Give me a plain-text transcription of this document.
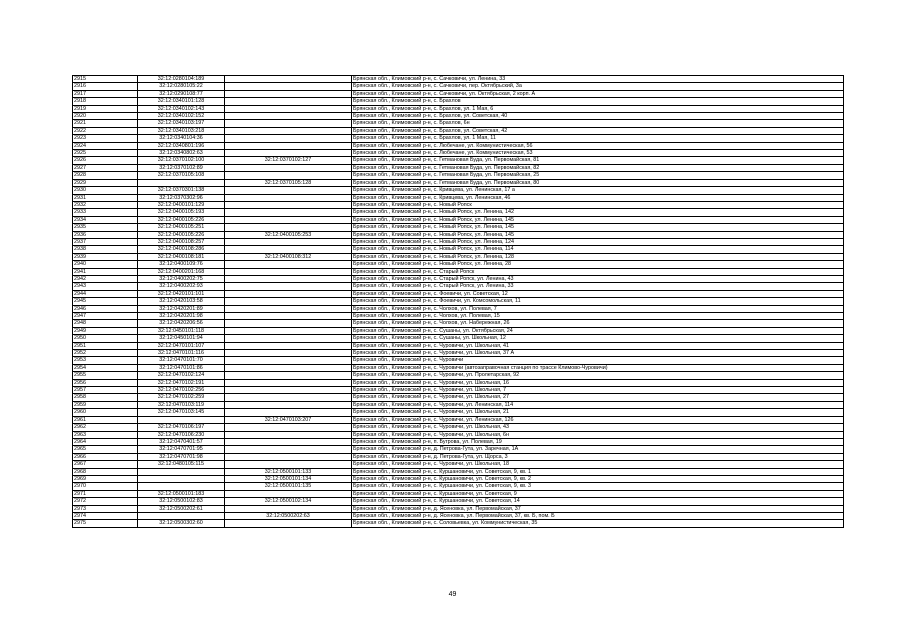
2915	32:12:0280104:189		Брянская обл., Климовский р-н, с. Сачковичи, ул. Ленина, 33
2916	32:12:0280105:22		Брянская обл., Климовский р-н, с. Сачковичи, пер. Октябрьский, 3а
2917	32:12:0290108:77		Брянская обл., Климовский р-н, с. Сачковичи, ул. Октябрьская, 2 корп. А
2918	32:12:0340101:128		Брянская обл., Климовский р-н, с. Брахлов
2919	32:12:0340102:143		Брянская обл., Климовский р-н, с. Брахлов, ул. 1 Мая, 6
2920	32:12:0340102:152		Брянская обл., Климовский р-н, с. Брахлов, ул. Советская, 40
2921	32:12:0340103:197		Брянская обл., Климовский р-н, с. Брахлов, 6н
2922	32:12:0340103:218		Брянская обл., Климовский р-н, с. Брахлов, ул. Советская, 42
2923	32:12:0340104:36		Брянская обл., Климовский р-н, с. Брахлов, ул. 1 Мая, 11
2924	32:12:0340801:196		Брянская обл., Климовский р-н, с. Любечане, ул. Коммунистическая, 56
2925	32:12:0340802:63		Брянская обл., Климовский р-н, с. Любечане, ул. Коммунистическая, 53
2926	32:12:0370102:100	32:12:0370102:127	Брянская обл., Климовский р-н, с. Гетмановая Буда, ул. Первомайская, 81
2927	32:12:0370102:89		Брянская обл., Климовский р-н, с. Гетмановая Буда, ул. Первомайская, 82
2928	32:12:0370105:108		Брянская обл., Климовский р-н, с. Гетмановая Буда, ул. Первомайская, 25
2929		32:12:0370105:128	Брянская обл., Климовский р-н, с. Гетмановая Буда, ул. Первомайская, 80
2930	32:12:0370301:138		Брянская обл., Климовский р-н, с. Кривцева, ул. Ленинская, 17 а
2931	32:12:0370302:96		Брянская обл., Климовский р-н, с. Кривцева, ул. Ленинская, 46
2932	32:12:0400101:129		Брянская обл., Климовский р-н, с. Новый Ропск
2933	32:12:0400105:193		Брянская обл., Климовский р-н, с. Новый Ропск, ул. Ленина, 142
2934	32:12:0400105:226		Брянская обл., Климовский р-н, с. Новый Ропск, ул. Ленина, 145
2935	32:12:0400105:251		Брянская обл., Климовский р-н, с. Новый Ропск, ул. Ленина, 145
2936	32:12:0400105:226	32:12:0400105:253	Брянская обл., Климовский р-н, с. Новый Ропск, ул. Ленина, 145
2937	32:12:0400108:257		Брянская обл., Климовский р-н, с. Новый Ропск, ул. Ленина, 124
2938	32:12:0400108:286		Брянская обл., Климовский р-н, с. Новый Ропск, ул. Ленина, 114
2939	32:12:0400108:181	32:12:0400108:312	Брянская обл., Климовский р-н, с. Новый Ропск, ул. Ленина, 128
2940	32:12:0400109:76		Брянская обл., Климовский р-н, с. Новый Ропск, ул. Ленина, 28
2941	32:12:0400201:168		Брянская обл., Климовский р-н, с. Старый Ропск
2942	32:12:0400202:75		Брянская обл., Климовский р-н, с. Старый Ропск, ул. Ленина, 43
2943	32:12:0400202:93		Брянская обл., Климовский р-н, с. Старый Ропск, ул. Ленина, 33
2944	32:12:0420101:101		Брянская обл., Климовский р-н, с. Фоевичи, ул. Советская, 12
2945	32:12:0420103:58		Брянская обл., Климовский р-н, с. Фоевичи, ул. Комсомольская, 11
2946	32:12:0420201:89		Брянская обл., Климовский р-н, с. Чолхов, ул. Полевая, 7
2947	32:12:0420201:98		Брянская обл., Климовский р-н, с. Чолхов, ул. Полевая, 15
2948	32:12:0420206:56		Брянская обл., Климовский р-н, с. Чолхов, ул. Набережная, 26
2949	32:12:0450101:118		Брянская обл., Климовский р-н, с. Сушаны, ул. Октябрьская, 24
2950	32:12:0450101:94		Брянская обл., Климовский р-н, с. Сушаны, ул. Школьная, 12
2951	32:12:0470101:107		Брянская обл., Климовский р-н, с. Чуровичи, ул. Школьная, 41
2952	32:12:0470101:116		Брянская обл., Климовский р-н, с. Чуровичи, ул. Школьная, 37 А
2953	32:12:0470101:70		Брянская обл., Климовский р-н, с. Чуровичи
2954	32:12:0470101:86		Брянская обл., Климовский р-н, с. Чуровичи (автозаправочная станция по трассе Климово-Чуровичи)
2955	32:12:0470102:124		Брянская обл., Климовский р-н, с. Чуровичи, ул. Пролетарская, 92
2956	32:12:0470102:191		Брянская обл., Климовский р-н, с. Чуровичи, ул. Школьная, 16
2957	32:12:0470102:256		Брянская обл., Климовский р-н, с. Чуровичи, ул. Школьная, 7
2958	32:12:0470102:259		Брянская обл., Климовский р-н, с. Чуровичи, ул. Школьная, 27
2959	32:12:0470103:119		Брянская обл., Климовский р-н, с. Чуровичи, ул. Ленинская, 114
2960	32:12:0470103:145		Брянская обл., Климовский р-н, с. Чуровичи, ул. Школьная, 21
2961		32:12:0470103:207	Брянская обл., Климовский р-н, с. Чуровичи, ул. Ленинская, 126
2962	32:12:0470106:197		Брянская обл., Климовский р-н, с. Чуровичи, ул. Школьная, 43
2963	32:12:0470106:230		Брянская обл., Климовский р-н, с. Чуровичи, ул. Школьная, 6н
2964	32:12:0470401:57		Брянская обл., Климовский р-н, п. Бугрова, ул. Полевая, 19
2965	32:12:0470701:95		Брянская обл., Климовский р-н, д. Петрова-Гута, ул. Заречная, 1А
2966	32:12:0470701:98		Брянская обл., Климовский р-н, д. Петрова-Гута, ул. Щорса, 3
2967	32:12:0480105:115		Брянская обл., Климовский р-н, с. Чуровичи, ул. Школьная, 18
2968		32:12:0500101:133	Брянская обл., Климовский р-н, с. Куршановичи, ул. Советская, 9, кв. 1
2969		32:12:0500101:134	Брянская обл., Климовский р-н, с. Куршановичи, ул. Советская, 9, кв. 2
2970		32:12:0500101:135	Брянская обл., Климовский р-н, с. Куршановичи, ул. Советская, 9, кв. 3
2971	32:12:0500101:183		Брянская обл., Климовский р-н, с. Куршановичи, ул. Советская, 9
2972	32:12:0500102:83	32:12:0500102:134	Брянская обл., Климовский р-н, с. Куршановичи, ул. Советская, 14
2973	32:12:0500202:61		Брянская обл., Климовский р-н, д. Ясеновка, ул. Первомайская, 37
2974		32:12:0500202:63	Брянская обл., Климовский р-н, д. Ясеновка, ул. Первомайская, 37, кв. Б, пом. Б
2975	32:12:0500302:60		Брянская обл., Климовский р-н, с. Соловьевка, ул. Коммунистическая, 35
49
